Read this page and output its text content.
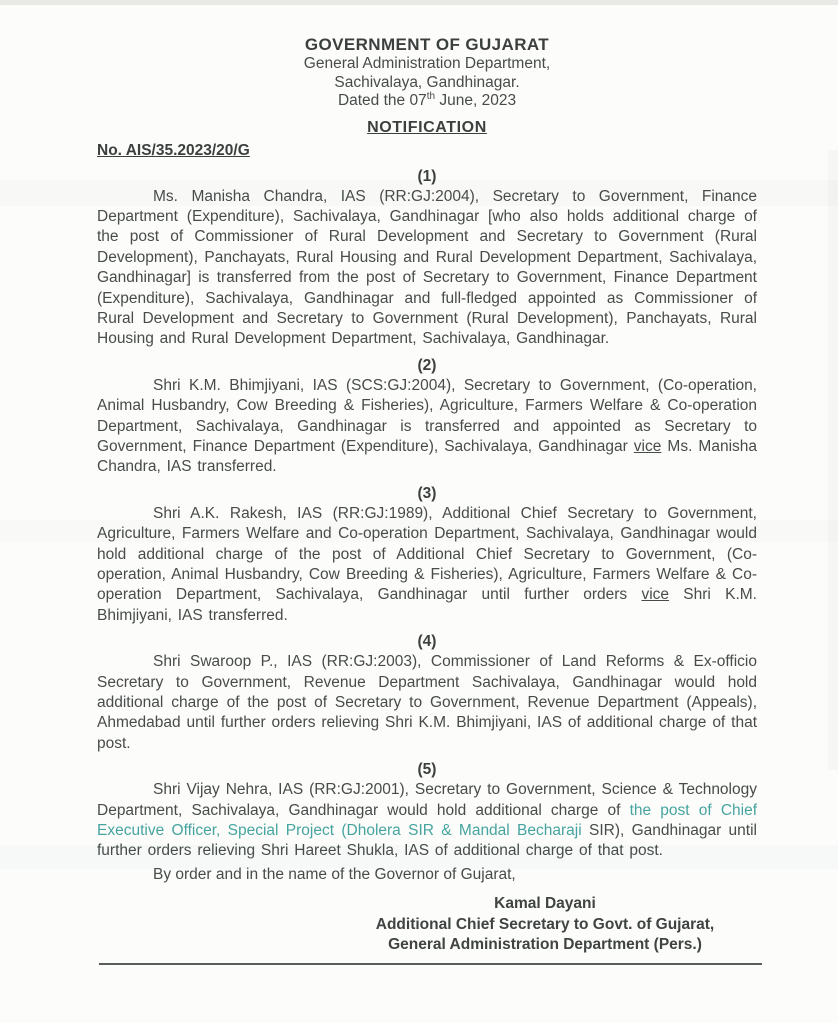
GOVERNMENT OF GUJARAT
General Administration Department,
Sachivalaya, Gandhinagar.
Dated the 07th June, 2023
NOTIFICATION
No. AIS/35.2023/20/G
(1)

Ms. Manisha Chandra, IAS (RR:GJ:2004), Secretary to Government, Finance Department (Expenditure), Sachivalaya, Gandhinagar [who also holds additional charge of the post of Commissioner of Rural Development and Secretary to Government (Rural Development), Panchayats, Rural Housing and Rural Development Department, Sachivalaya, Gandhinagar] is transferred from the post of Secretary to Government, Finance Department (Expenditure), Sachivalaya, Gandhinagar and full-fledged appointed as Commissioner of Rural Development and Secretary to Government (Rural Development), Panchayats, Rural Housing and Rural Development Department, Sachivalaya, Gandhinagar.

(2)

Shri K.M. Bhimjiyani, IAS (SCS:GJ:2004), Secretary to Government, (Co-operation, Animal Husbandry, Cow Breeding & Fisheries), Agriculture, Farmers Welfare & Co-operation Department, Sachivalaya, Gandhinagar is transferred and appointed as Secretary to Government, Finance Department (Expenditure), Sachivalaya, Gandhinagar vice Ms. Manisha Chandra, IAS transferred.

(3)

Shri A.K. Rakesh, IAS (RR:GJ:1989), Additional Chief Secretary to Government, Agriculture, Farmers Welfare and Co-operation Department, Sachivalaya, Gandhinagar would hold additional charge of the post of Additional Chief Secretary to Government, (Co-operation, Animal Husbandry, Cow Breeding & Fisheries), Agriculture, Farmers Welfare & Co-operation Department, Sachivalaya, Gandhinagar until further orders vice Shri K.M. Bhimjiyani, IAS transferred.

(4)

Shri Swaroop P., IAS (RR:GJ:2003), Commissioner of Land Reforms & Ex-officio Secretary to Government, Revenue Department Sachivalaya, Gandhinagar would hold additional charge of the post of Secretary to Government, Revenue Department (Appeals), Ahmedabad until further orders relieving Shri K.M. Bhimjiyani, IAS of additional charge of that post.

(5)

Shri Vijay Nehra, IAS (RR:GJ:2001), Secretary to Government, Science & Technology Department, Sachivalaya, Gandhinagar would hold additional charge of the post of Chief Executive Officer, Special Project (Dholera SIR & Mandal Becharaji SIR), Gandhinagar until further orders relieving Shri Hareet Shukla, IAS of additional charge of that post.

By order and in the name of the Governor of Gujarat,

Kamal Dayani
Additional Chief Secretary to Govt. of Gujarat,
General Administration Department (Pers.)
